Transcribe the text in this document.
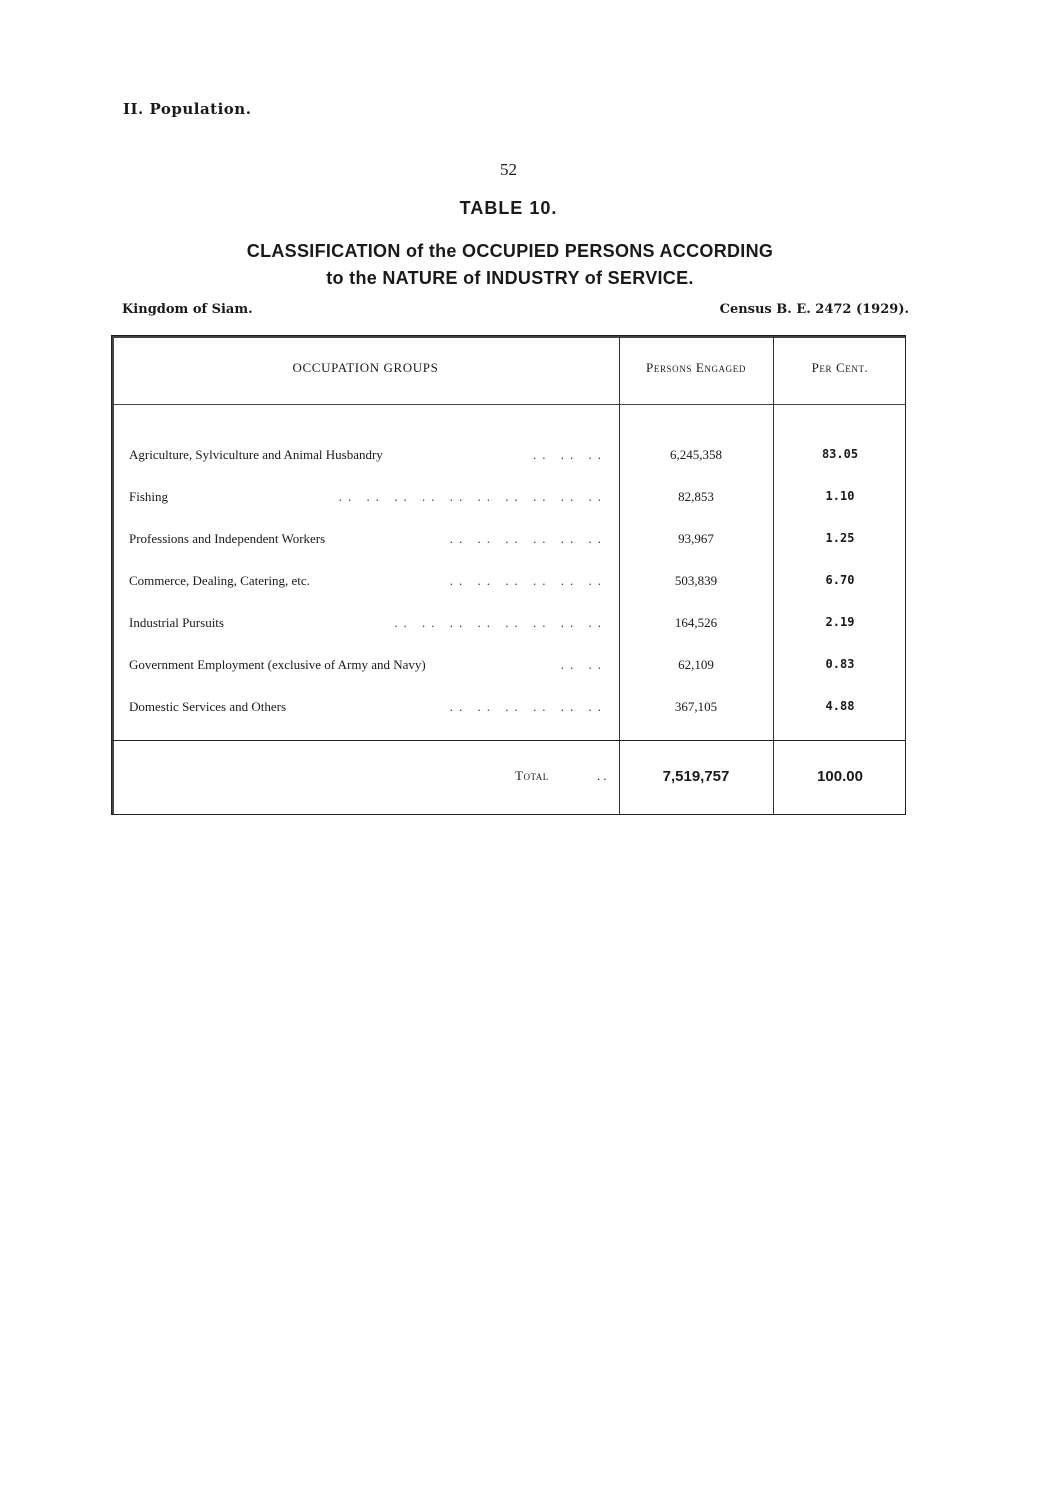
II. Population.
52
TABLE 10.
CLASSIFICATION of the OCCUPIED PERSONS ACCORDING
to the NATURE of INDUSTRY of SERVICE.
Kingdom of Siam.	Census B. E. 2472 (1929).
OCCUPATION GROUPS	Persons Engaged	Per Cent.
Agriculture, Sylviculture and Animal Husbandry	.. .. ..	6,245,358	83.05
Fishing	.. .. .. .. .. .. .. .. .. ..	82,853	1.10
Professions and Independent Workers	.. .. .. .. .. ..	93,967	1.25
Commerce, Dealing, Catering, etc.	.. .. .. .. .. ..	503,839	6.70
Industrial Pursuits	.. .. .. .. .. .. .. ..	164,526	2.19
Government Employment (exclusive of Army and Navy)	.. ..	62,109	0.83
Domestic Services and Others	.. .. .. .. .. ..	367,105	4.88
Total	..	7,519,757	100.00
